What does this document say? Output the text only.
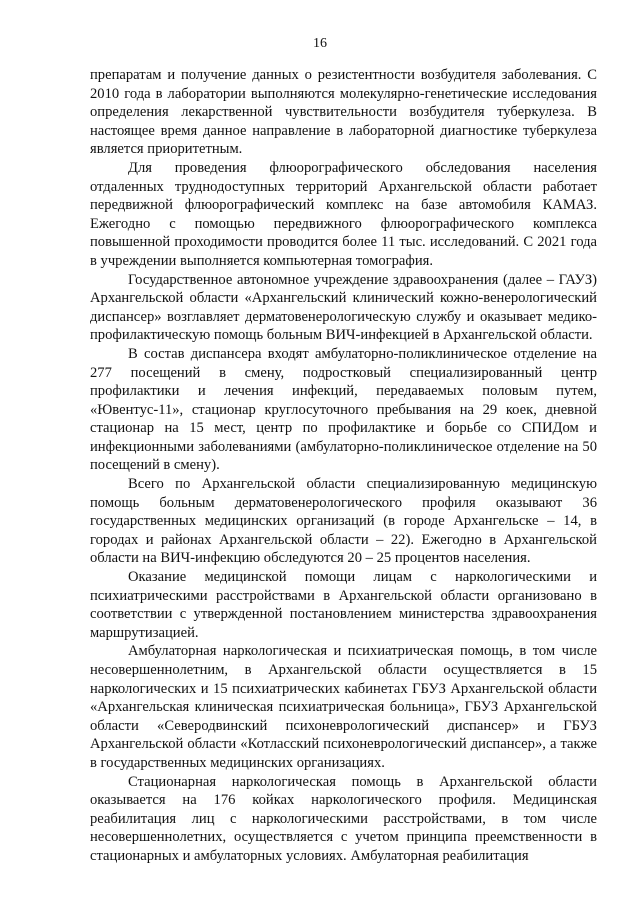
16

препаратам и получение данных о резистентности возбудителя заболевания. С 2010 года в лаборатории выполняются молекулярно-генетические исследования определения лекарственной чувствительности возбудителя туберкулеза. В настоящее время данное направление в лабораторной диагностике туберкулеза является приоритетным.

Для проведения флюорографического обследования населения отдаленных труднодоступных территорий Архангельской области работает передвижной флюорографический комплекс на базе автомобиля КАМАЗ. Ежегодно с помощью передвижного флюорографического комплекса повышенной проходимости проводится более 11 тыс. исследований. С 2021 года в учреждении выполняется компьютерная томография.

Государственное автономное учреждение здравоохранения (далее – ГАУЗ) Архангельской области «Архангельский клинический кожно-венерологический диспансер» возглавляет дерматовенерологическую службу и оказывает медико-профилактическую помощь больным ВИЧ-инфекцией в Архангельской области.

В состав диспансера входят амбулаторно-поликлиническое отделение на 277 посещений в смену, подростковый специализированный центр профилактики и лечения инфекций, передаваемых половым путем, «Ювентус-11», стационар круглосуточного пребывания на 29 коек, дневной стационар на 15 мест, центр по профилактике и борьбе со СПИДом и инфекционными заболеваниями (амбулаторно-поликлиническое отделение на 50 посещений в смену).

Всего по Архангельской области специализированную медицинскую помощь больным дерматовенерологического профиля оказывают 36 государственных медицинских организаций (в городе Архангельске – 14, в городах и районах Архангельской области – 22). Ежегодно в Архангельской области на ВИЧ-инфекцию обследуются 20 – 25 процентов населения.

Оказание медицинской помощи лицам с наркологическими и психиатрическими расстройствами в Архангельской области организовано в соответствии с утвержденной постановлением министерства здравоохранения маршрутизацией.

Амбулаторная наркологическая и психиатрическая помощь, в том числе несовершеннолетним, в Архангельской области осуществляется в 15 наркологических и 15 психиатрических кабинетах ГБУЗ Архангельской области «Архангельская клиническая психиатрическая больница», ГБУЗ Архангельской области «Северодвинский психоневрологический диспансер» и ГБУЗ Архангельской области «Котласский психоневрологический диспансер», а также в государственных медицинских организациях.

Стационарная наркологическая помощь в Архангельской области оказывается на 176 койках наркологического профиля. Медицинская реабилитация лиц с наркологическими расстройствами, в том числе несовершеннолетних, осуществляется с учетом принципа преемственности в стационарных и амбулаторных условиях. Амбулаторная реабилитация
